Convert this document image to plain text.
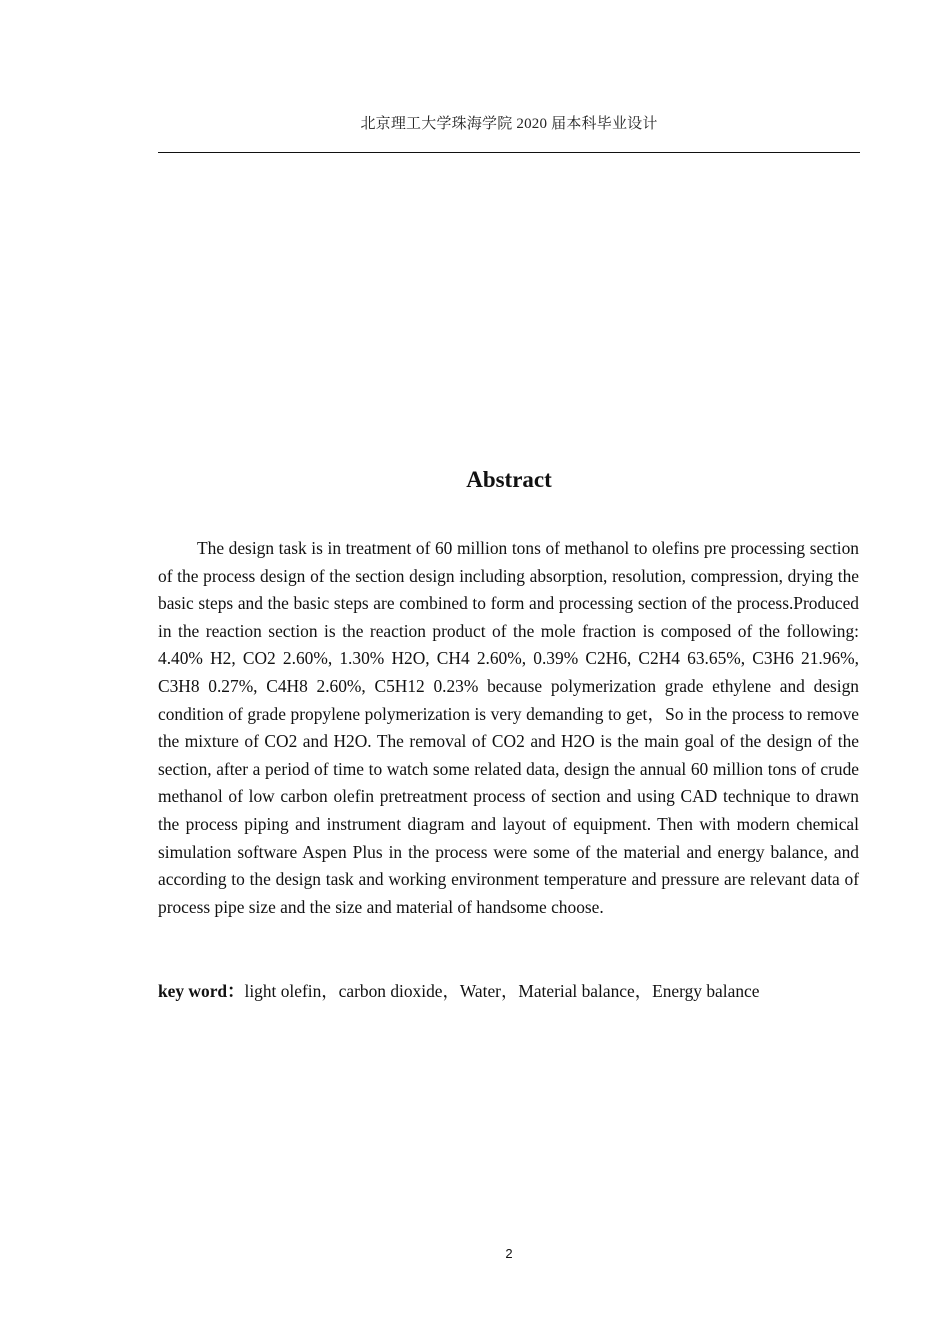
北京理工大学珠海学院 2020 届本科毕业设计
Abstract

The design task is in treatment of 60 million tons of methanol to olefins pre processing section of the process design of the section design including absorption, resolution, compression, drying the basic steps and the basic steps are combined to form and processing section of the process.Produced in the reaction section is the reaction product of the mole fraction is composed of the following: 4.40% H2, CO2 2.60%, 1.30% H2O, CH4 2.60%, 0.39% C2H6, C2H4 63.65%, C3H6 21.96%, C3H8 0.27%, C4H8 2.60%, C5H12 0.23% because polymerization grade ethylene and design condition of grade propylene polymerization is very demanding to get，So in the process to remove the mixture of CO2 and H2O. The removal of CO2 and H2O is the main goal of the design of the section, after a period of time to watch some related data, design the annual 60 million tons of crude methanol of low carbon olefin pretreatment process of section and using CAD technique to drawn the process piping and instrument diagram and layout of equipment. Then with modern chemical simulation software Aspen Plus in the process were some of the material and energy balance, and according to the design task and working environment temperature and pressure are relevant data of process pipe size and the size and material of handsome choose.

key word：light olefin，carbon dioxide，Water，Material balance，Energy balance

2
